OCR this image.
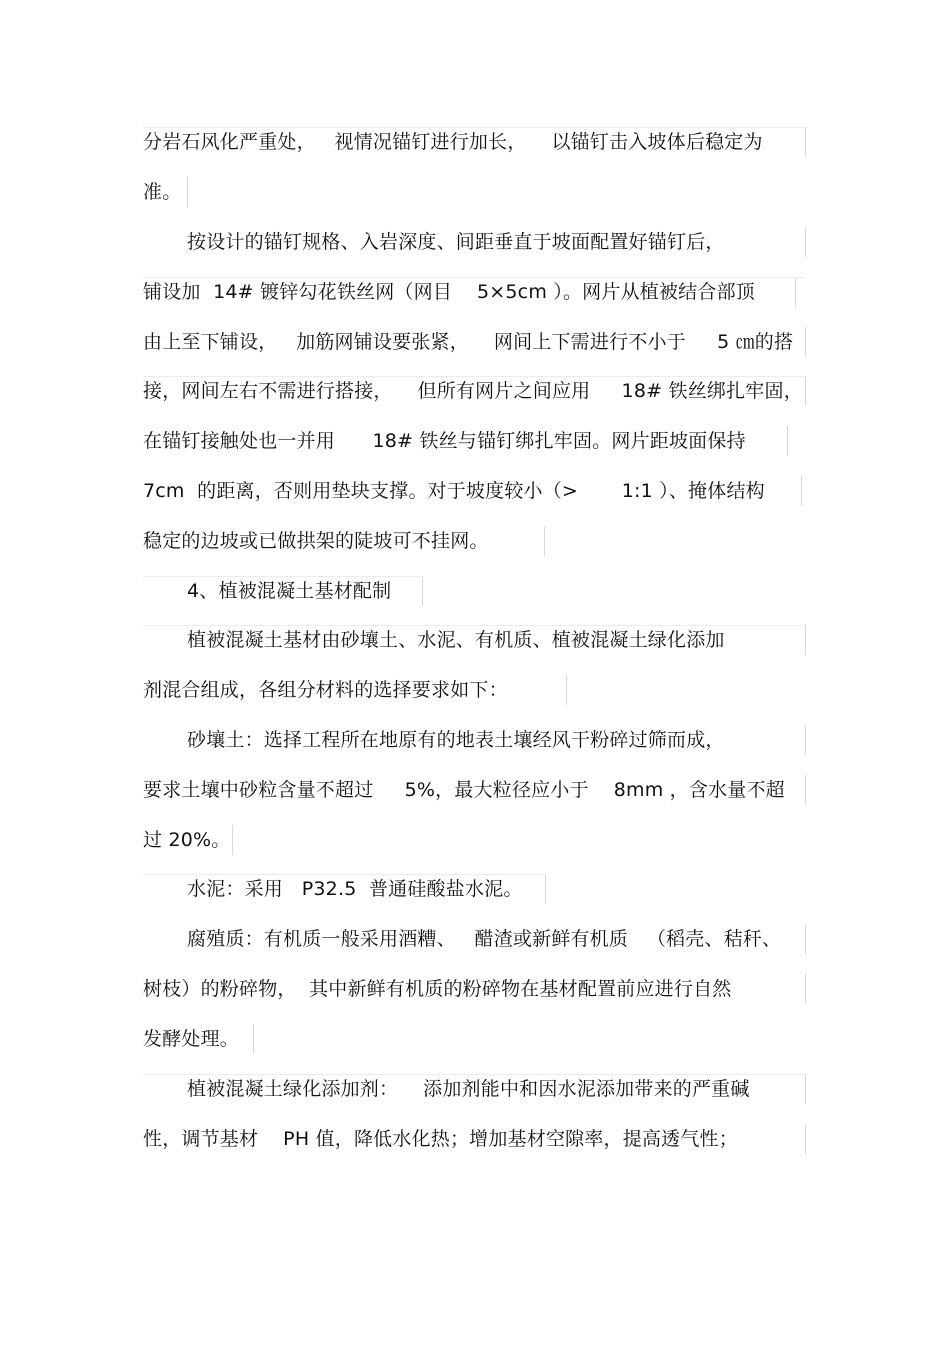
分岩石风化严重处，   视情况锚钉进行加长，    以锚钉击入坡体后稳定为
准。
按设计的锚钉规格、入岩深度、间距垂直于坡面配置好锚钉后，
铺设加  14# 镀锌勾花铁丝网（网目    5×5cm ）。网片从植被结合部顶
由上至下铺设，   加筋网铺设要张紧，    网间上下需进行不小于     5 ㎝的搭
接，网间左右不需进行搭接，    但所有网片之间应用     18# 铁丝绑扎牢固，
在锚钉接触处也一并用      18# 铁丝与锚钉绑扎牢固。网片距坡面保持
7cm  的距离，否则用垫块支撑。对于坡度较小（>       1:1 ）、掩体结构
稳定的边坡或已做拱架的陡坡可不挂网。
4、植被混凝土基材配制
植被混凝土基材由砂壤土、水泥、有机质、植被混凝土绿化添加
剂混合组成，各组分材料的选择要求如下：
砂壤土：选择工程所在地原有的地表土壤经风干粉碎过筛而成，
要求土壤中砂粒含量不超过     5%，最大粒径应小于    8mm ，含水量不超
过 20%。
水泥：采用   P32.5  普通硅酸盐水泥。
腐殖质：有机质一般采用酒糟、   醋渣或新鲜有机质   （稻壳、秸秆、
树枝）的粉碎物，  其中新鲜有机质的粉碎物在基材配置前应进行自然
发酵处理。
植被混凝土绿化添加剂：    添加剂能中和因水泥添加带来的严重碱
性，调节基材    PH 值，降低水化热；增加基材空隙率，提高透气性；
